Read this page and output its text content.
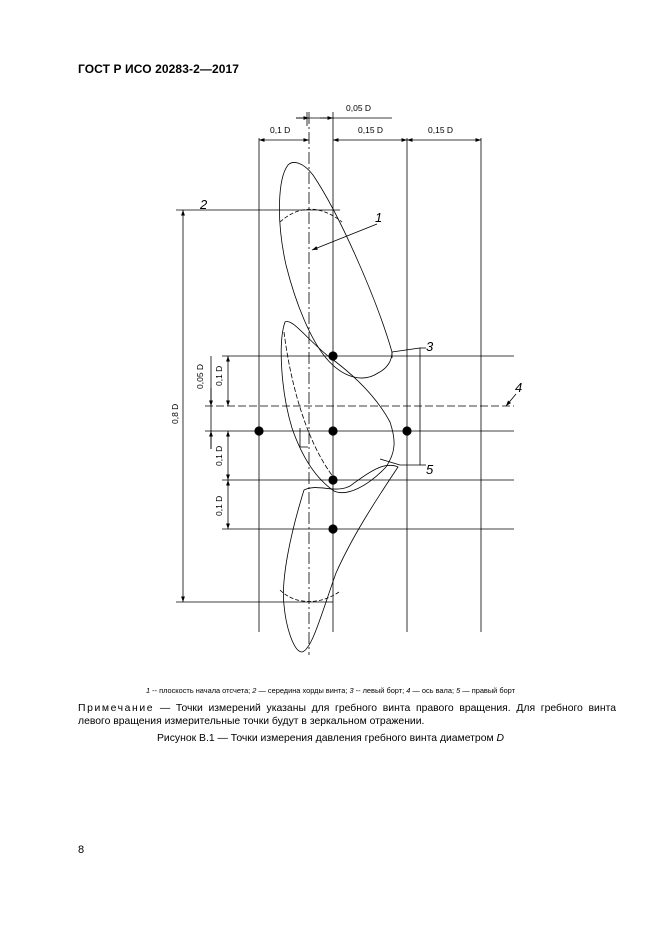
ГОСТ Р ИСО 20283-2—2017
0,05 D
0,1 D	0,15 D	0,15 D
0,8 D
0,05 D 0,1 D
0,1 D
0,1 D
2
1
3
4
5
1 -- плоскость начала отсчета; 2 — середина хорды винта; 3 -- левый борт; 4 — ось вала; 5 — правый борт
Примечание — Точки измерений указаны для гребного винта правого вращения. Для гребного винта левого вращения измерительные точки будут в зеркальном отражении.
Рисунок В.1 — Точки измерения давления гребного винта диаметром D
8
